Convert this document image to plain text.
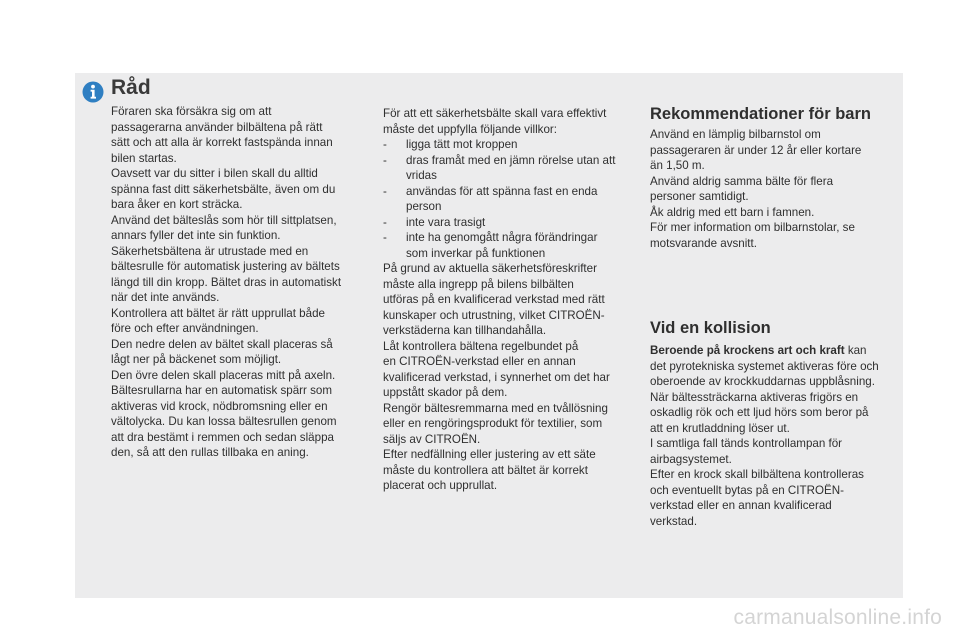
Råd

Föraren ska försäkra sig om att

passagerarna använder bilbältena på rätt

sätt och att alla är korrekt fastspända innan

bilen startas.

Oavsett var du sitter i bilen skall du alltid

spänna fast ditt säkerhetsbälte, även om du

bara åker en kort sträcka.

Använd det bälteslås som hör till sittplatsen,

annars fyller det inte sin funktion.

Säkerhetsbältena är utrustade med en

bältesrulle för automatisk justering av bältets

längd till din kropp. Bältet dras in automatiskt

när det inte används.

Kontrollera att bältet är rätt upprullat både

före och efter användningen.

Den nedre delen av bältet skall placeras så

lågt ner på bäckenet som möjligt.

Den övre delen skall placeras mitt på axeln.

Bältesrullarna har en automatisk spärr som

aktiveras vid krock, nödbromsning eller en

vältolycka. Du kan lossa bältesrullen genom

att dra bestämt i remmen och sedan släppa

den, så att den rullas tillbaka en aning.

För att ett säkerhetsbälte skall vara effektivt

måste det uppfylla följande villkor:

-	ligga tätt mot kroppen
-	dras framåt med en jämn rörelse utan att

vridas

-	användas för att spänna fast en enda

person

-	inte vara trasigt
-	inte ha genomgått några förändringar

som inverkar på funktionen

På grund av aktuella säkerhetsföreskrifter

måste alla ingrepp på bilens bilbälten

utföras på en kvalificerad verkstad med rätt

kunskaper och utrustning, vilket CITROËN-

verkstäderna kan tillhandahålla.

Låt kontrollera bältena regelbundet på

en CITROËN-verkstad eller en annan

kvalificerad verkstad, i synnerhet om det har

uppstått skador på dem.

Rengör bältesremmarna med en tvållösning

eller en rengöringsprodukt för textilier, som

säljs av CITROËN.

Efter nedfällning eller justering av ett säte

måste du kontrollera att bältet är korrekt

placerat och upprullat.

Rekommendationer för barn

Använd en lämplig bilbarnstol om

passageraren är under 12 år eller kortare

än 1,50 m.

Använd aldrig samma bälte för flera

personer samtidigt.

Åk aldrig med ett barn i famnen.

För mer information om bilbarnstolar, se

motsvarande avsnitt.

Vid en kollision

Beroende på krockens art och kraft kan

det pyrotekniska systemet aktiveras före och

oberoende av krockkuddarnas uppblåsning.

När bältessträckarna aktiveras frigörs en

oskadlig rök och ett ljud hörs som beror på

att en krutladdning löser ut.

I samtliga fall tänds kontrollampan för

airbagsystemet.

Efter en krock skall bilbältena kontrolleras

och eventuellt bytas på en CITROËN-

verkstad eller en annan kvalificerad

verkstad.

carmanualsonline.info
